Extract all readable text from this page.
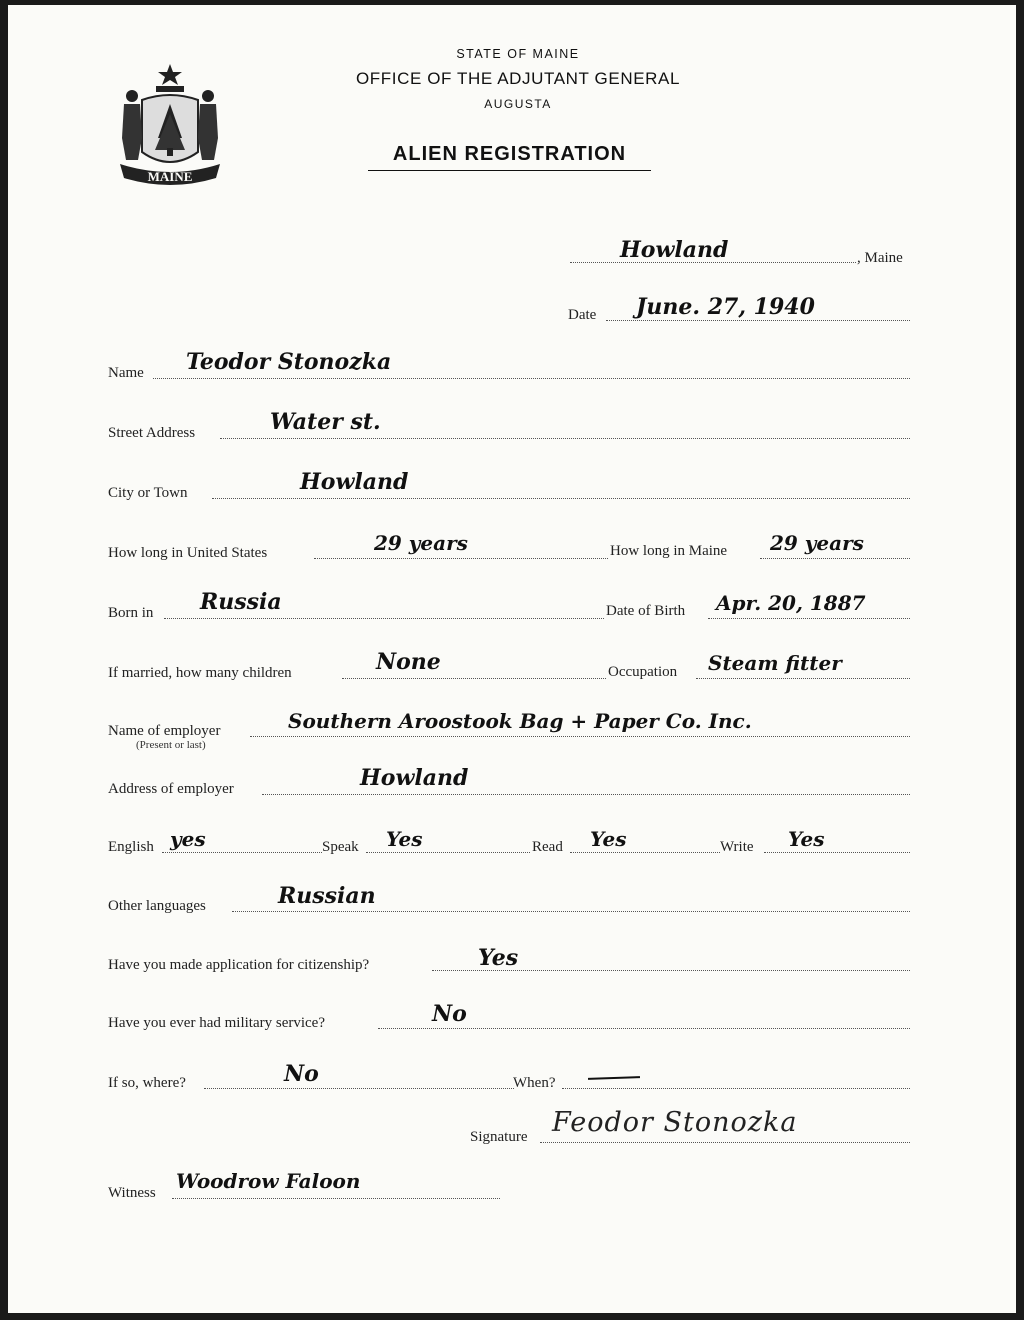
MAINE
STATE OF MAINE
OFFICE OF THE ADJUTANT GENERAL
AUGUSTA
ALIEN REGISTRATION
Howland	, Maine
Date June. 27, 1940
Name Teodor Stonozka
Street Address	Water st.
City or Town	Howland
How long in United States	29 years	How long in Maine 29 years
Born in Russia	Date of Birth Apr. 20, 1887
If married, how many children	None	Occupation Steam fitter
Name of employer
(Present or last)
Southern Aroostook Bag + Paper Co. Inc.
Address of employer	Howland
English yes	Speak Yes	Read Yes	Write Yes
Other languages	Russian
Have you made application for citizenship?	Yes
Have you ever had military service?	No
If so, where?	No	When?
Signature Feodor Stonozka
Witness Woodrow Faloon
